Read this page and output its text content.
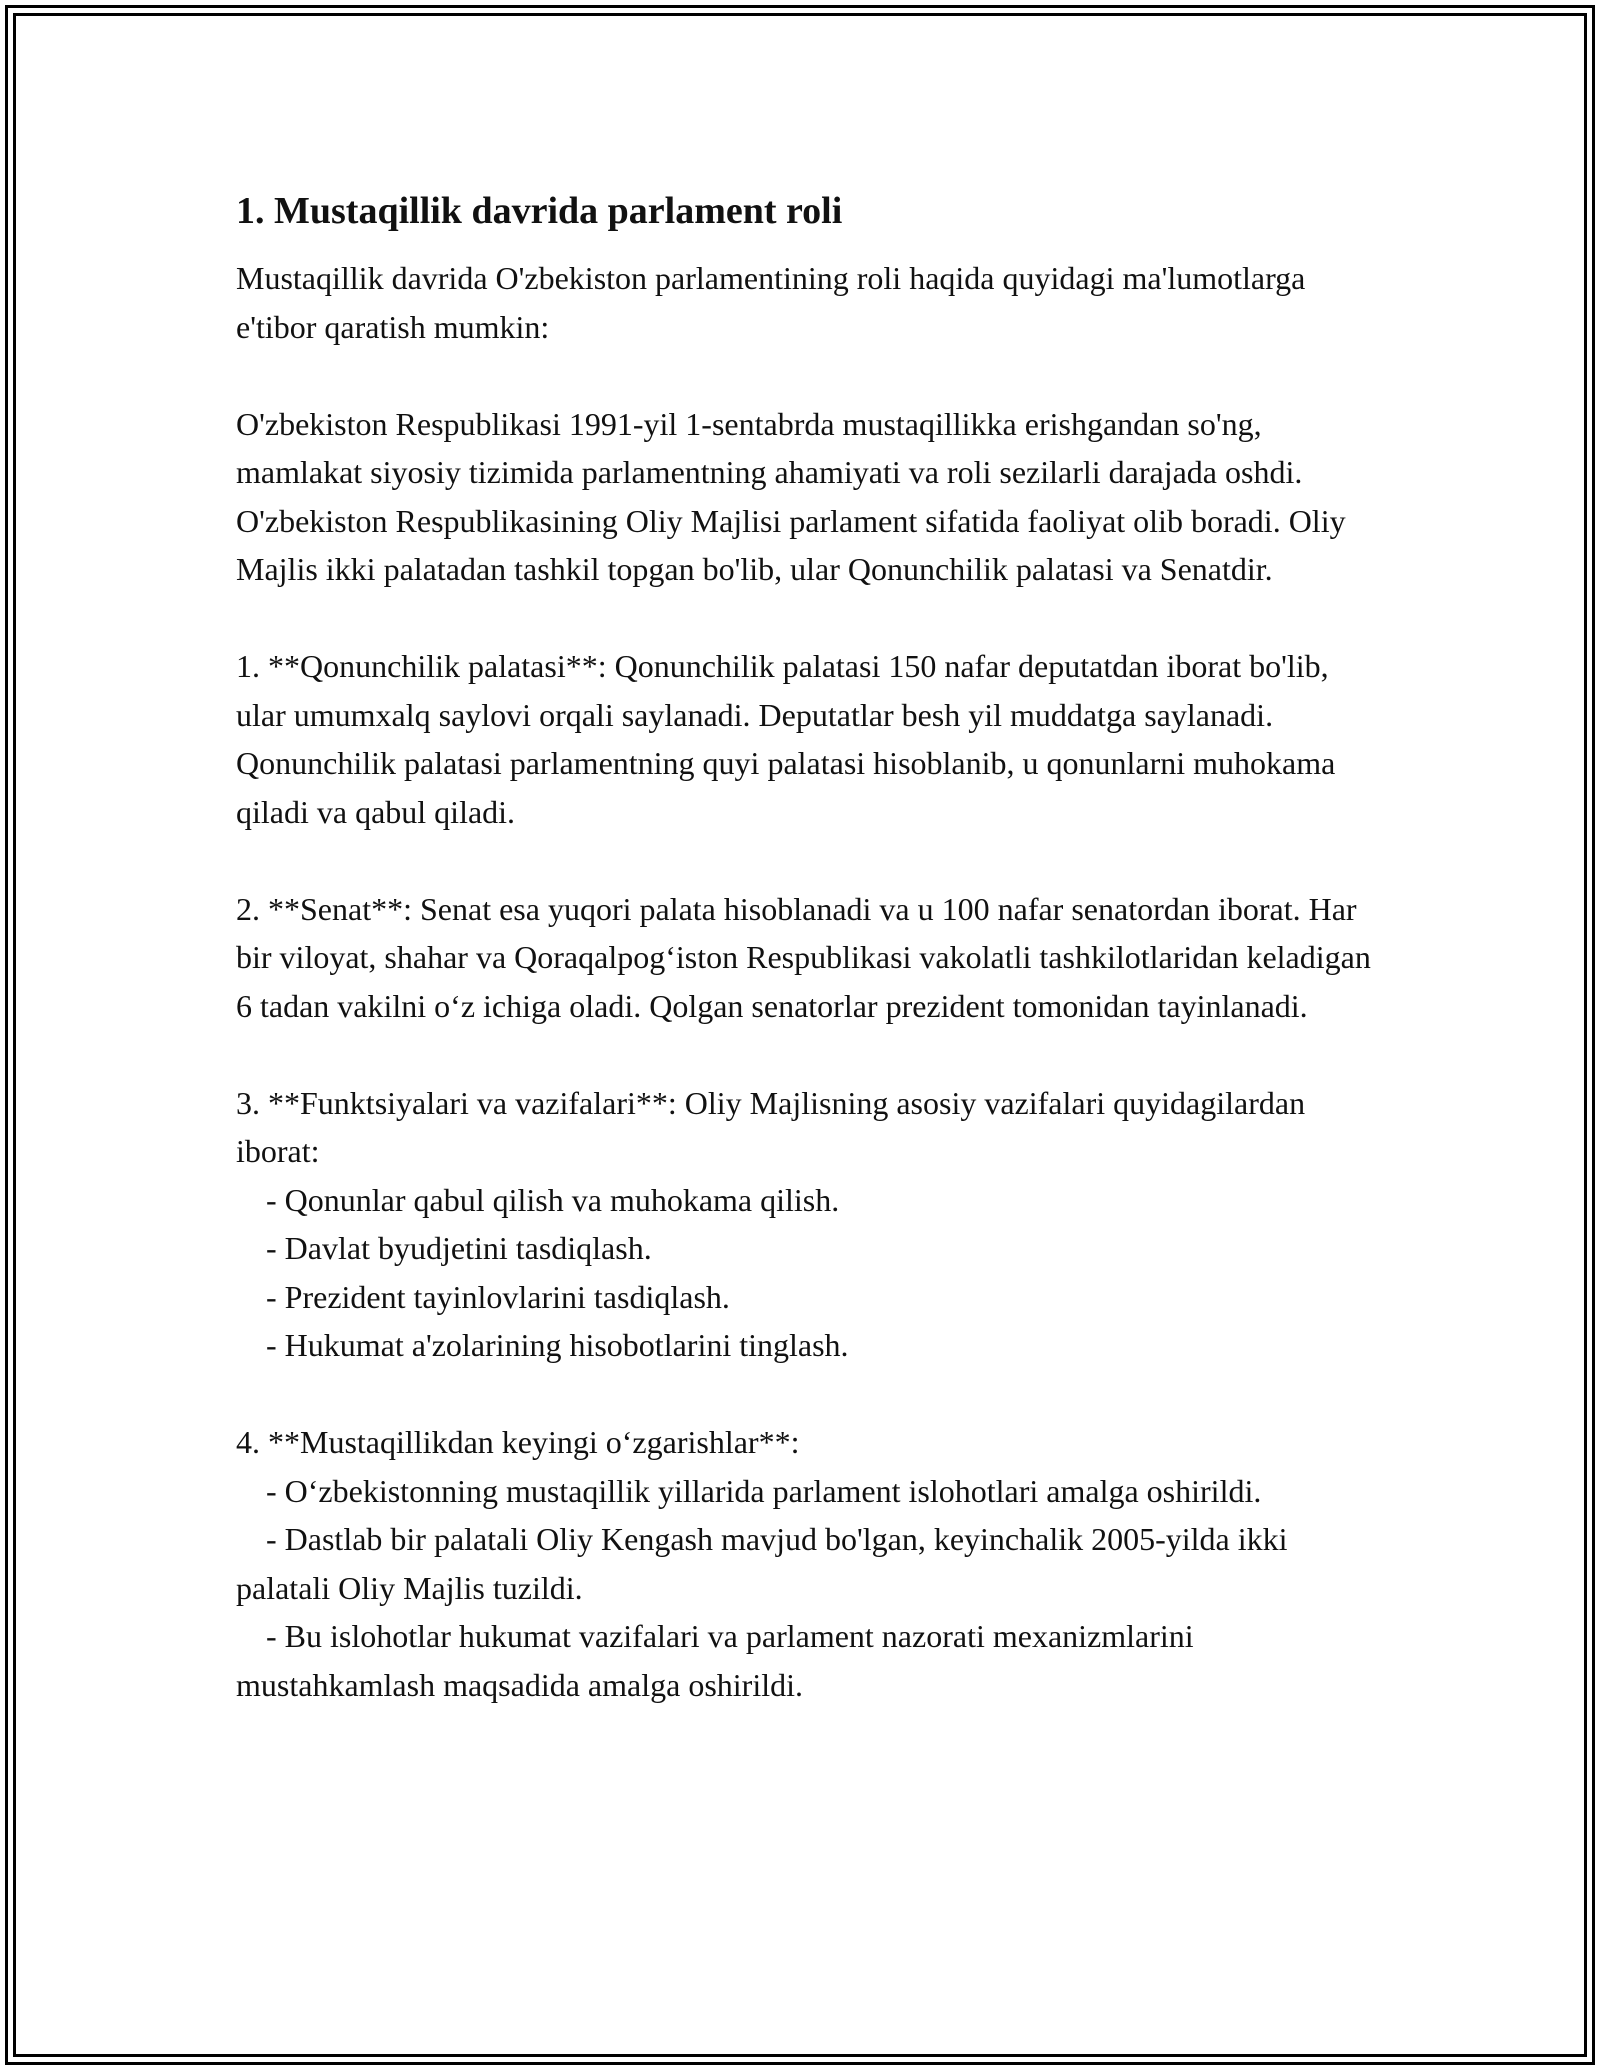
1. Mustaqillik davrida parlament roli

Mustaqillik davrida O'zbekiston parlamentining roli haqida quyidagi ma'lumotlarga e'tibor qaratish mumkin:

O'zbekiston Respublikasi 1991-yil 1-sentabrda mustaqillikka erishgandan so'ng, mamlakat siyosiy tizimida parlamentning ahamiyati va roli sezilarli darajada oshdi. O'zbekiston Respublikasining Oliy Majlisi parlament sifatida faoliyat olib boradi. Oliy Majlis ikki palatadan tashkil topgan bo'lib, ular Qonunchilik palatasi va Senatdir.

1. **Qonunchilik palatasi**: Qonunchilik palatasi 150 nafar deputatdan iborat bo'lib, ular umumxalq saylovi orqali saylanadi. Deputatlar besh yil muddatga saylanadi. Qonunchilik palatasi parlamentning quyi palatasi hisoblanib, u qonunlarni muhokama qiladi va qabul qiladi.

2. **Senat**: Senat esa yuqori palata hisoblanadi va u 100 nafar senatordan iborat. Har bir viloyat, shahar va Qoraqalpog‘iston Respublikasi vakolatli tashkilotlaridan keladigan 6 tadan vakilni o‘z ichiga oladi. Qolgan senatorlar prezident tomonidan tayinlanadi.

3. **Funktsiyalari va vazifalari**: Oliy Majlisning asosiy vazifalari quyidagilardan iborat:

- Qonunlar qabul qilish va muhokama qilish.

- Davlat byudjetini tasdiqlash.

- Prezident tayinlovlarini tasdiqlash.

- Hukumat a'zolarining hisobotlarini tinglash.

4. **Mustaqillikdan keyingi o‘zgarishlar**:

- O‘zbekistonning mustaqillik yillarida parlament islohotlari amalga oshirildi.

- Dastlab bir palatali Oliy Kengash mavjud bo'lgan, keyinchalik 2005-yilda ikki palatali Oliy Majlis tuzildi.

- Bu islohotlar hukumat vazifalari va parlament nazorati mexanizmlarini mustahkamlash maqsadida amalga oshirildi.
